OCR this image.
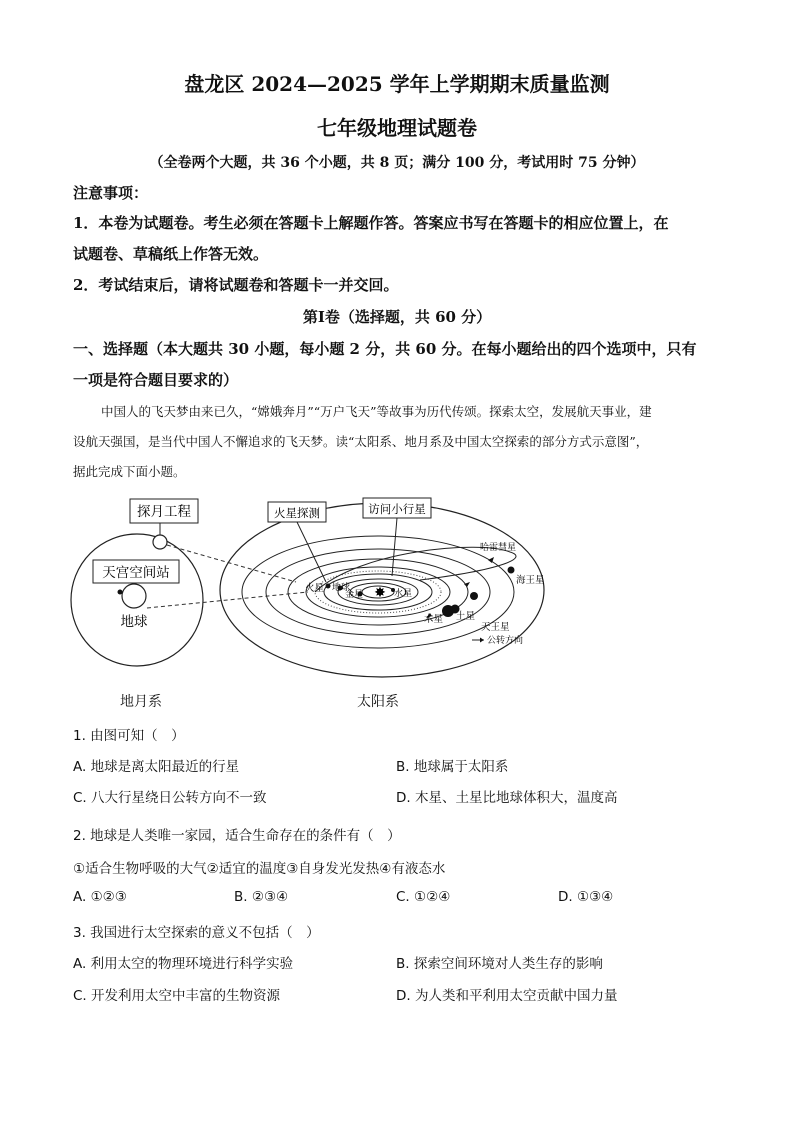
盘龙区 2024—2025 学年上学期期末质量监测
七年级地理试题卷
（全卷两个大题，共 36 个小题，共 8 页；满分 100 分，考试用时 75 分钟）
注意事项：
1．本卷为试题卷。考生必须在答题卡上解题作答。答案应书写在答题卡的相应位置上，在
试题卷、草稿纸上作答无效。
2．考试结束后，请将试题卷和答题卡一并交回。
第Ⅰ卷（选择题，共 60 分）
一、选择题（本大题共 30 小题，每小题 2 分，共 60 分。在每小题给出的四个选项中，只有
一项是符合题目要求的）
中国人的飞天梦由来已久，“嫦娥奔月”“万户飞天”等故事为历代传颂。探索太空，发展航天事业，建
设航天强国，是当代中国人不懈追求的飞天梦。读“太阳系、地月系及中国太空探索的部分方式示意图”，
据此完成下面小题。
探月工程
天宫空间站
地球
✸
哈雷彗星
海王星
天王星
土星
木星
火星 地球
金星	水星
火星探测	访问小行星
公转方向
地月系	太阳系
1. 由图可知（　）
A. 地球是离太阳最近的行星	B. 地球属于太阳系
C. 八大行星绕日公转方向不一致	D. 木星、土星比地球体积大，温度高
2. 地球是人类唯一家园，适合生命存在的条件有（　）
①适合生物呼吸的大气②适宜的温度③自身发光发热④有液态水
A. ①②③	B. ②③④	C. ①②④	D. ①③④
3. 我国进行太空探索的意义不包括（　）
A. 利用太空的物理环境进行科学实验	B. 探索空间环境对人类生存的影响
C. 开发利用太空中丰富的生物资源	D. 为人类和平利用太空贡献中国力量
